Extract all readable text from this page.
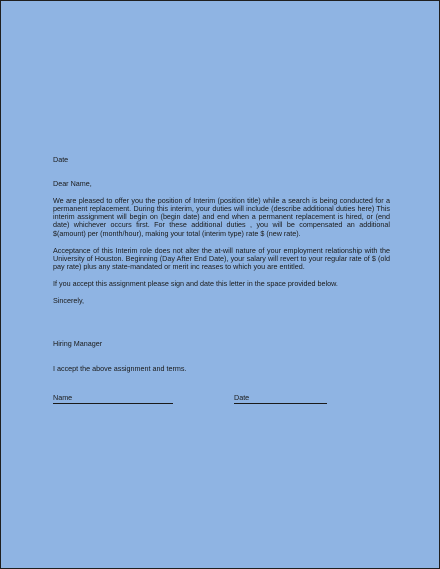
Date
Dear Name,
We are pleased to offer you the position of Interim (position title) while a search is being conducted for a permanent replacement. During this interim, your duties will include (describe additional duties here) This interim assignment will begin on (begin date) and end when a permanent replacement is hired, or (end date) whichever occurs first. For these additional duties , you will be compensated an additional $(amount) per (month/hour), making your total (interim type) rate $ (new rate).
Acceptance of this Interim role does not alter the at-will nature of your employment relationship with the University of Houston. Beginning (Day After End Date), your salary will revert to your regular rate of $ (old pay rate) plus any state-mandated or merit inc reases to which you are entitled.
If you accept this assignment please sign and date this letter in the space provided below.
Sincerely,
Hiring Manager
I accept the above assignment and terms.
Name	Date
